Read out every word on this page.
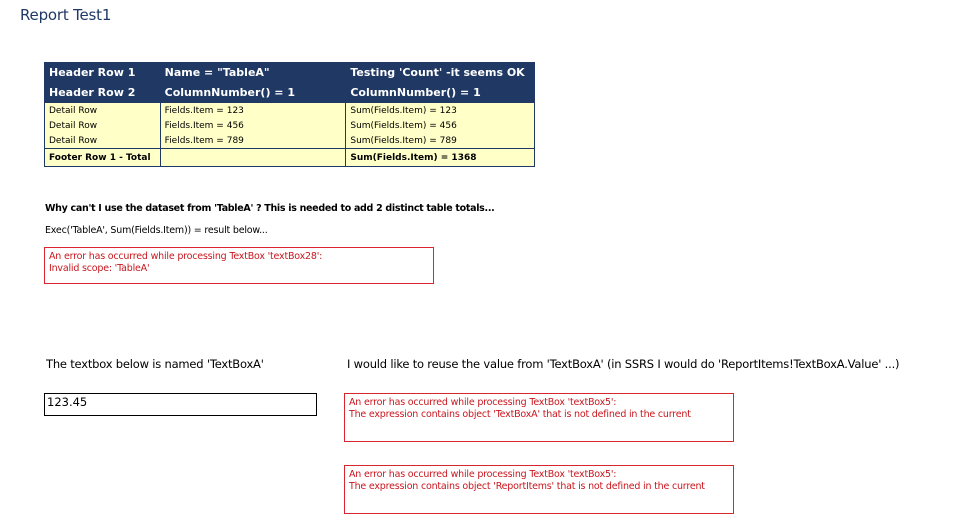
Report Test1
Header Row 1	Name = "TableA"	Testing 'Count' -it seems OK
Header Row 2	ColumnNumber() = 1	ColumnNumber() = 1
Detail Row	Fields.Item = 123	Sum(Fields.Item) = 123
Detail Row	Fields.Item = 456	Sum(Fields.Item) = 456
Detail Row	Fields.Item = 789	Sum(Fields.Item) = 789
Footer Row 1 - Total		Sum(Fields.Item) = 1368
Why can't I use the dataset from 'TableA' ? This is needed to add 2 distinct table totals...
Exec('TableA', Sum(Fields.Item)) = result below...
An error has occurred while processing TextBox 'textBox28':
Invalid scope: 'TableA'
The textbox below is named 'TextBoxA'	I would like to reuse the value from 'TextBoxA' (in SSRS I would do 'ReportItems!TextBoxA.Value' ...)
123.45	An error has occurred while processing TextBox 'textBox5':
The expression contains object 'TextBoxA' that is not defined in the current
An error has occurred while processing TextBox 'textBox5':
The expression contains object 'ReportItems' that is not defined in the current
